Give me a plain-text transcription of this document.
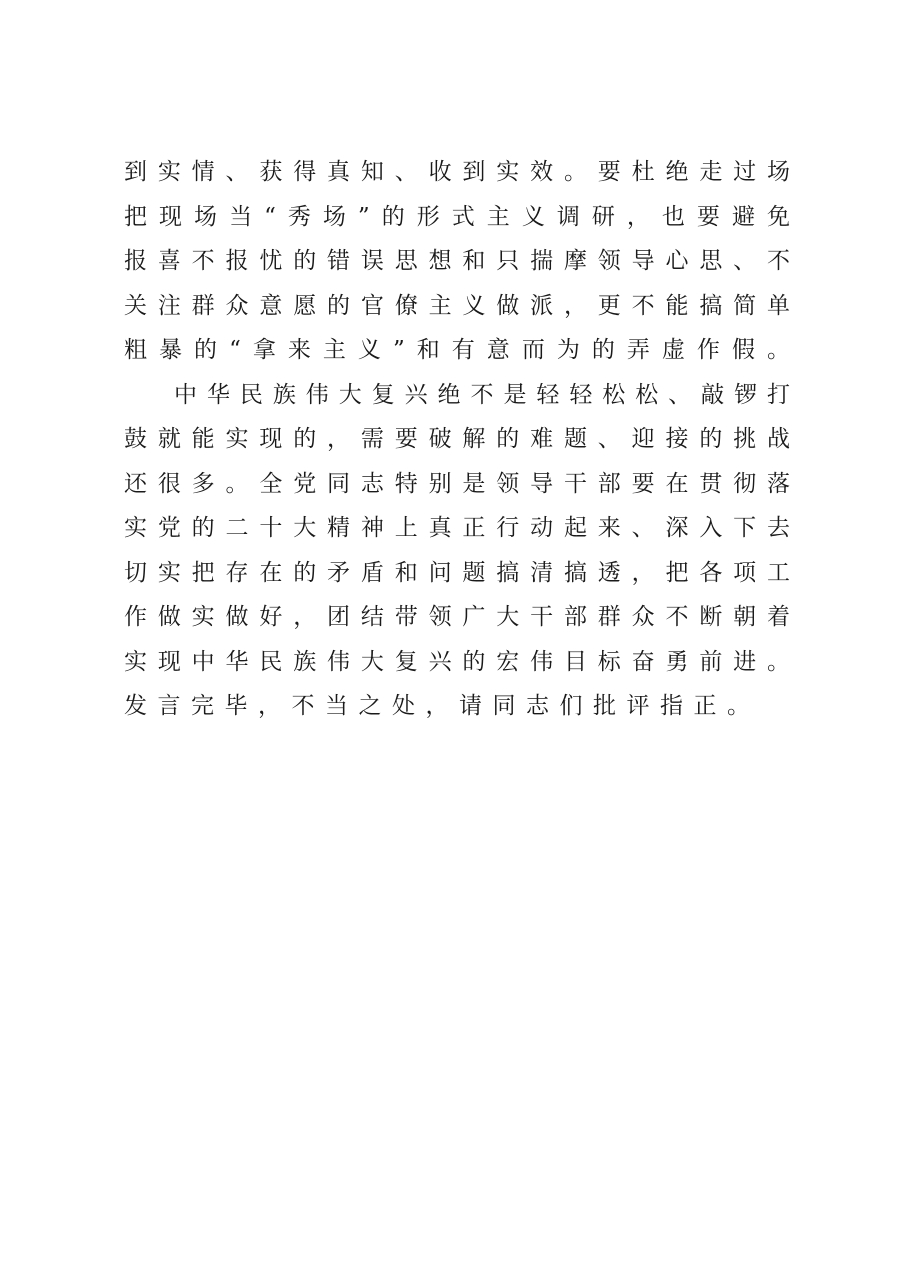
到实情、获得真知、收到实效。要杜绝走过场
把现场当“秀场”的形式主义调研，也要避免
报喜不报忧的错误思想和只揣摩领导心思、不
关注群众意愿的官僚主义做派，更不能搞简单
粗暴的“拿来主义”和有意而为的弄虚作假。
中华民族伟大复兴绝不是轻轻松松、敲锣打
鼓就能实现的，需要破解的难题、迎接的挑战
还很多。全党同志特别是领导干部要在贯彻落
实党的二十大精神上真正行动起来、深入下去
切实把存在的矛盾和问题搞清搞透，把各项工
作做实做好，团结带领广大干部群众不断朝着
实现中华民族伟大复兴的宏伟目标奋勇前进。
发言完毕，不当之处，请同志们批评指正。
